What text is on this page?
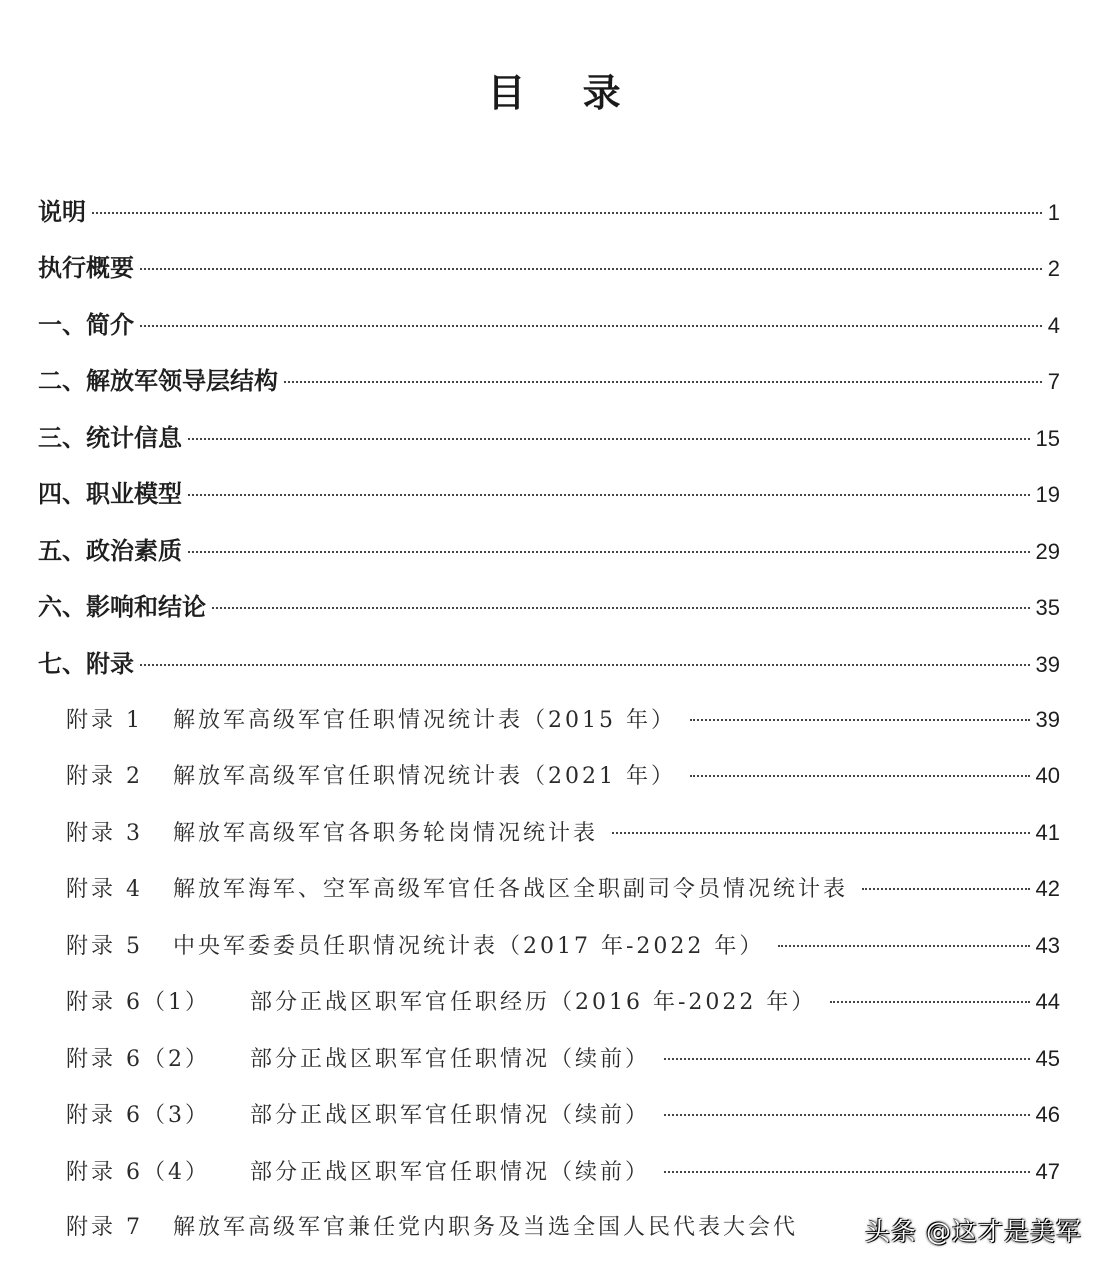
目 录
说明	1
执行概要	2
一、简介	4
二、解放军领导层结构	7
三、统计信息	15
四、职业模型	19
五、政治素质	29
六、影响和结论	35
七、附录	39
附录 1 解放军高级军官任职情况统计表（2015 年）	39
附录 2 解放军高级军官任职情况统计表（2021 年）	40
附录 3 解放军高级军官各职务轮岗情况统计表	41
附录 4 解放军海军、空军高级军官任各战区全职副司令员情况统计表	42
附录 5 中央军委委员任职情况统计表（2017 年-2022 年）	43
附录 6（1） 部分正战区职军官任职经历（2016 年-2022 年）	44
附录 6（2） 部分正战区职军官任职情况（续前）	45
附录 6（3） 部分正战区职军官任职情况（续前）	46
附录 6（4） 部分正战区职军官任职情况（续前）	47
附录 7 解放军高级军官兼任党内职务及当选全国人民代表大会代	头条 @这才是美军
